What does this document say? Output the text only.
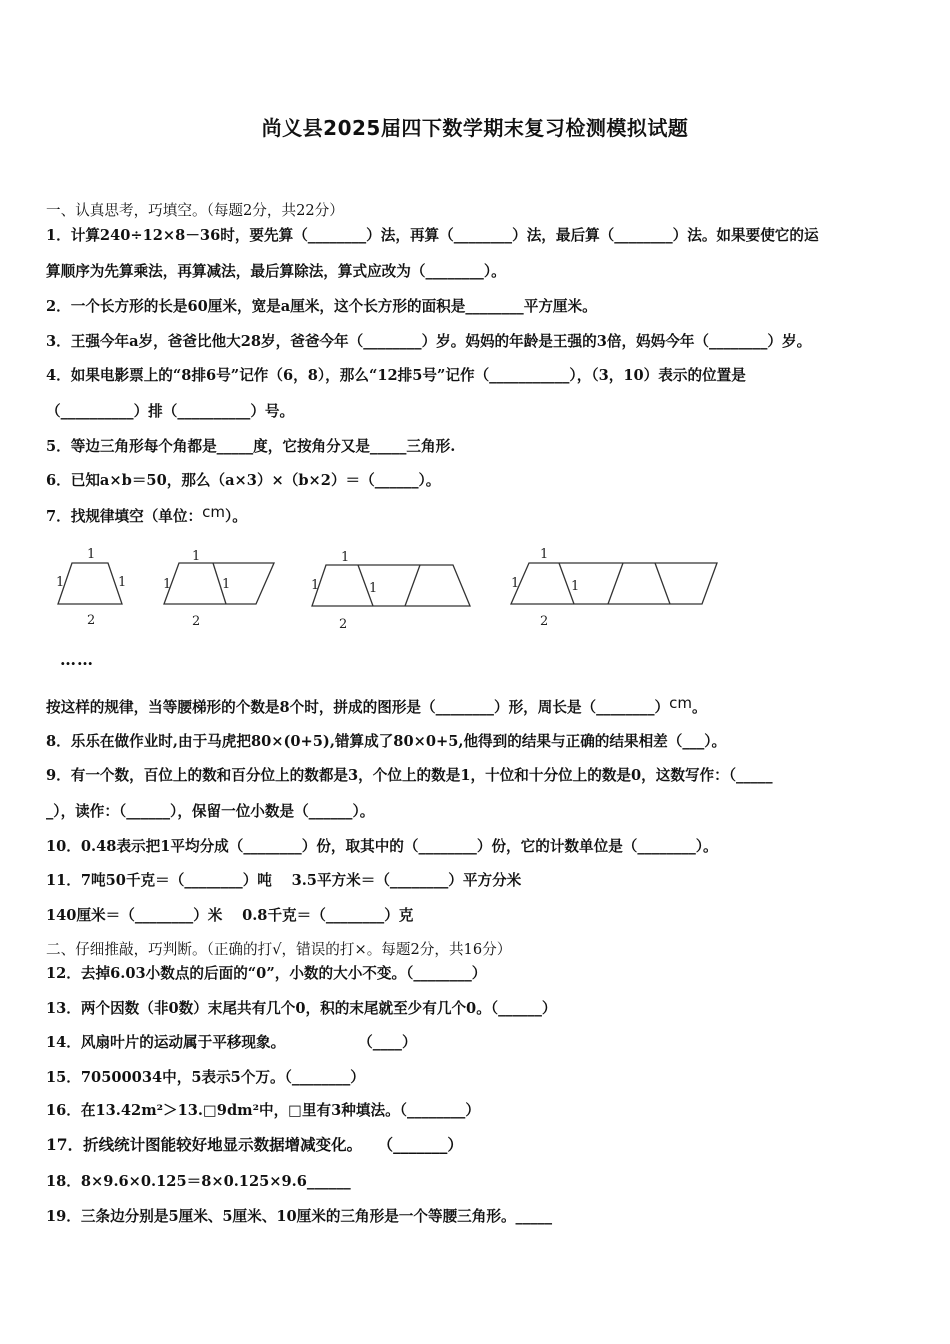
尚义县2025届四下数学期末复习检测模拟试题
一、认真思考，巧填空。（每题2分，共22分）
1．计算240÷12×8－36时，要先算（________）法，再算（________）法，最后算（________）法。如果要使它的运
算顺序为先算乘法，再算减法，最后算除法，算式应改为（________）。
2．一个长方形的长是60厘米，宽是a厘米，这个长方形的面积是________平方厘米。
3．王强今年a岁，爸爸比他大28岁，爸爸今年（________）岁。妈妈的年龄是王强的3倍，妈妈今年（________）岁。
4．如果电影票上的“8排6号”记作（6，8），那么“12排5号”记作（___________），（3，10）表示的位置是
（__________）排（__________）号。
5．等边三角形每个角都是_____度，它按角分又是_____三角形.
6．已知a×b＝50，那么（a×3）×（b×2）＝（______）。
7．找规律填空（单位：cm）。
1
1	1
2
1
1	1
2
1
1	1
2
1
1	1
2
……
按这样的规律，当等腰梯形的个数是8个时，拼成的图形是（________）形，周长是（________）cm。
8．乐乐在做作业时,由于马虎把80×(0+5),错算成了80×0+5,他得到的结果与正确的结果相差（___）。
9．有一个数，百位上的数和百分位上的数都是3，个位上的数是1，十位和十分位上的数是0，这数写作：（_____
_），读作：（______），保留一位小数是（______）。
10．0.48表示把1平均分成（________）份，取其中的（________）份，它的计数单位是（________）。
11．7吨50千克＝（________）吨　 3.5平方米＝（________）平方分米
140厘米＝（________）米　 0.8千克＝（________）克
二、仔细推敲，巧判断。（正确的打√，错误的打×。每题2分，共16分）
12．去掉6.03小数点的后面的“0”，小数的大小不变。（________）
13．两个因数（非0数）末尾共有几个0，积的末尾就至少有几个0。（______）
14．风扇叶片的运动属于平移现象。　　　　　　（____）
15．70500034中，5表示5个万。（________）
16．在13.42m²＞13.□9dm²中，□里有3种填法。（________）
17．折线统计图能较好地显示数据增减变化。　　（_______）
18．8×9.6×0.125＝8×0.125×9.6______
19．三条边分别是5厘米、5厘米、10厘米的三角形是一个等腰三角形。_____
